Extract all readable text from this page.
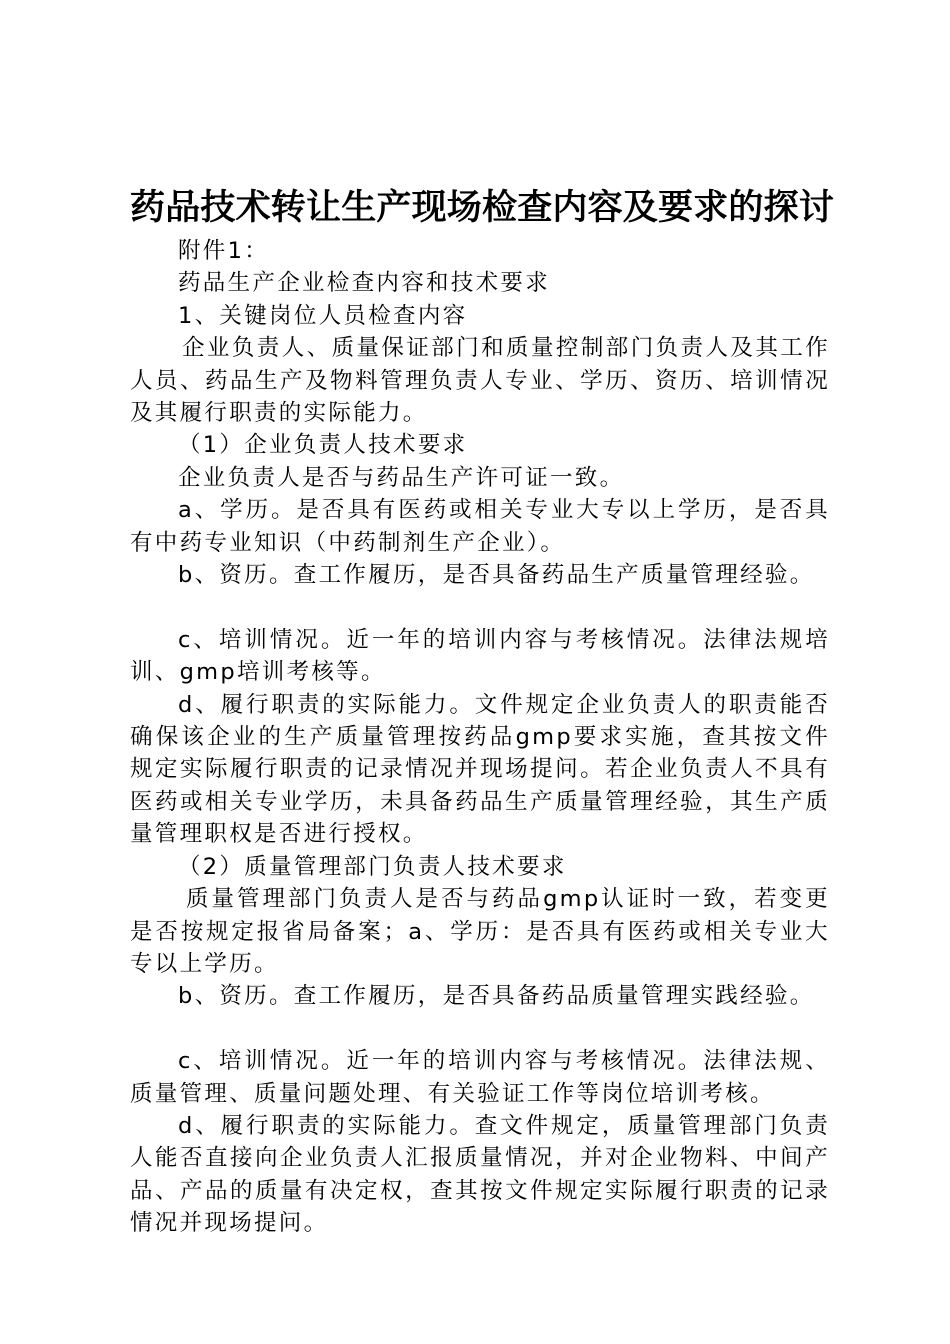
药品技术转让生产现场检查内容及要求的探讨

附件1：

药品生产企业检查内容和技术要求

1、关键岗位人员检查内容

企业负责人、质量保证部门和质量控制部门负责人及其工作人员、药品生产及物料管理负责人专业、学历、资历、培训情况及其履行职责的实际能力。

（1）企业负责人技术要求

企业负责人是否与药品生产许可证一致。

a、学历。是否具有医药或相关专业大专以上学历，是否具有中药专业知识（中药制剂生产企业）。

b、资历。查工作履历，是否具备药品生产质量管理经验。

c、培训情况。近一年的培训内容与考核情况。法律法规培训、gmp培训考核等。

d、履行职责的实际能力。文件规定企业负责人的职责能否确保该企业的生产质量管理按药品gmp要求实施，查其按文件规定实际履行职责的记录情况并现场提问。若企业负责人不具有医药或相关专业学历，未具备药品生产质量管理经验，其生产质量管理职权是否进行授权。

（2）质量管理部门负责人技术要求

质量管理部门负责人是否与药品gmp认证时一致，若变更是否按规定报省局备案；a、学历：是否具有医药或相关专业大专以上学历。

b、资历。查工作履历，是否具备药品质量管理实践经验。

c、培训情况。近一年的培训内容与考核情况。法律法规、质量管理、质量问题处理、有关验证工作等岗位培训考核。

d、履行职责的实际能力。查文件规定，质量管理部门负责人能否直接向企业负责人汇报质量情况，并对企业物料、中间产品、产品的质量有决定权，查其按文件规定实际履行职责的记录情况并现场提问。
